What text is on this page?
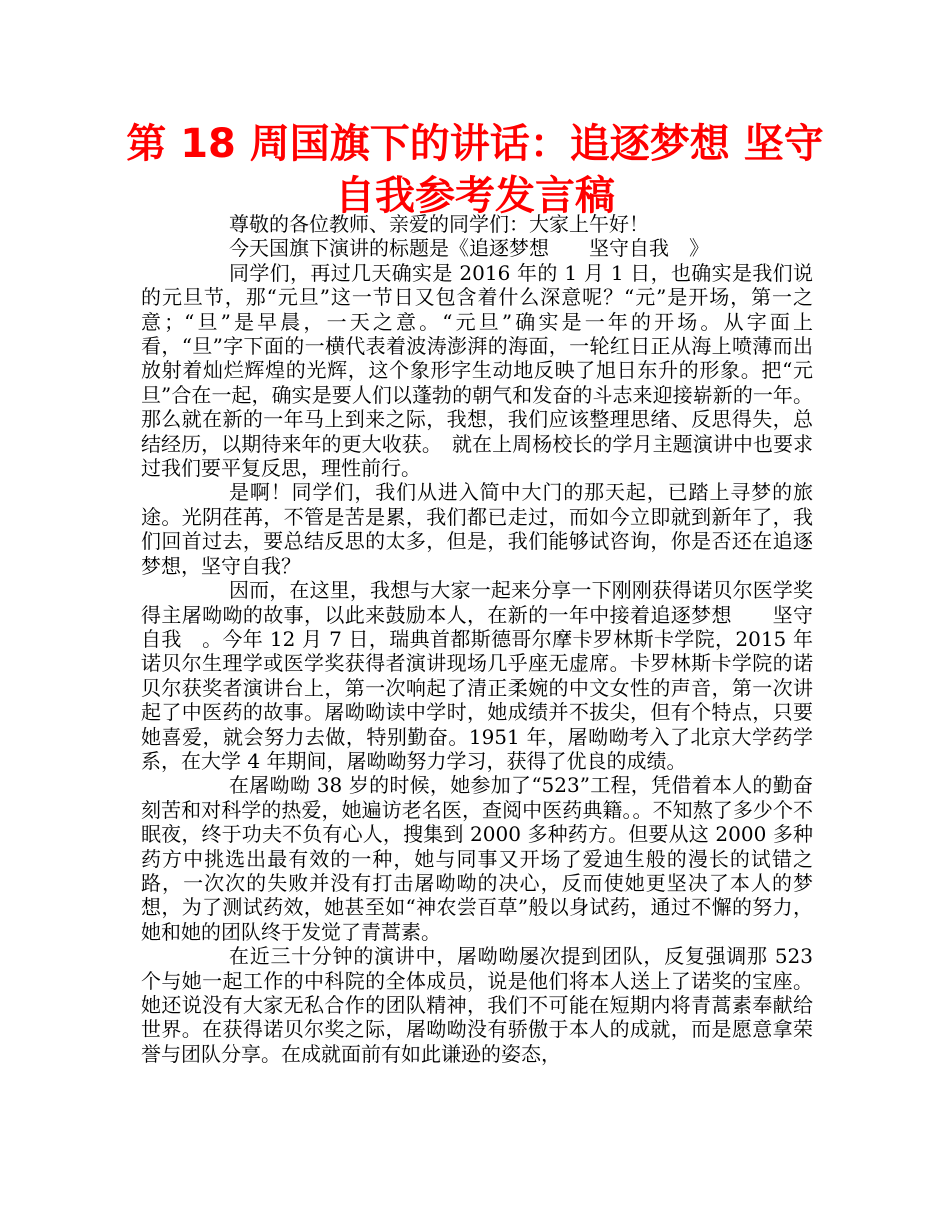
第 18 周国旗下的讲话：追逐梦想 坚守自我参考发言稿

尊敬的各位教师、亲爱的同学们：大家上午好！

今天国旗下演讲的标题是《追逐梦想　　坚守自我　》

同学们，再过几天确实是 2016 年的 1 月 1 日，也确实是我们说的元旦节，那“元旦”这一节日又包含着什么深意呢？“元”是开场，第一之意；“旦”是早晨，一天之意。“元旦”确实是一年的开场。从字面上看，“旦”字下面的一横代表着波涛澎湃的海面，一轮红日正从海上喷薄而出放射着灿烂辉煌的光辉，这个象形字生动地反映了旭日东升的形象。把“元旦”合在一起，确实是要人们以蓬勃的朝气和发奋的斗志来迎接崭新的一年。那么就在新的一年马上到来之际，我想，我们应该整理思绪、反思得失，总结经历，以期待来年的更大收获。　就在上周杨校长的学月主题演讲中也要求过我们要平复反思，理性前行。

是啊！同学们，我们从进入简中大门的那天起，已踏上寻梦的旅途。光阴荏苒，不管是苦是累，我们都已走过，而如今立即就到新年了，我们回首过去，要总结反思的太多，但是，我们能够试咨询，你是否还在追逐梦想，坚守自我？

因而，在这里，我想与大家一起来分享一下刚刚获得诺贝尔医学奖得主屠呦呦的故事，以此来鼓励本人，在新的一年中接着追逐梦想　　坚守自我　。今年 12 月 7 日，瑞典首都斯德哥尔摩卡罗林斯卡学院，2015 年诺贝尔生理学或医学奖获得者演讲现场几乎座无虚席。卡罗林斯卡学院的诺贝尔获奖者演讲台上，第一次响起了清正柔婉的中文女性的声音，第一次讲起了中医药的故事。屠呦呦读中学时，她成绩并不拔尖，但有个特点，只要她喜爱，就会努力去做，特别勤奋。1951 年，屠呦呦考入了北京大学药学系，在大学 4 年期间，屠呦呦努力学习，获得了优良的成绩。

在屠呦呦 38 岁的时候，她参加了“523”工程，凭借着本人的勤奋刻苦和对科学的热爱，她遍访老名医，查阅中医药典籍。。不知熬了多少个不眠夜，终于功夫不负有心人，搜集到 2000 多种药方。但要从这 2000 多种药方中挑选出最有效的一种，她与同事又开场了爱迪生般的漫长的试错之路，一次次的失败并没有打击屠呦呦的决心，反而使她更坚决了本人的梦想，为了测试药效，她甚至如“神农尝百草”般以身试药，通过不懈的努力，她和她的团队终于发觉了青蒿素。

在近三十分钟的演讲中，屠呦呦屡次提到团队，反复强调那 523 个与她一起工作的中科院的全体成员，说是他们将本人送上了诺奖的宝座。她还说没有大家无私合作的团队精神，我们不可能在短期内将青蒿素奉献给世界。在获得诺贝尔奖之际，屠呦呦没有骄傲于本人的成就，而是愿意拿荣誉与团队分享。在成就面前有如此谦逊的姿态，
